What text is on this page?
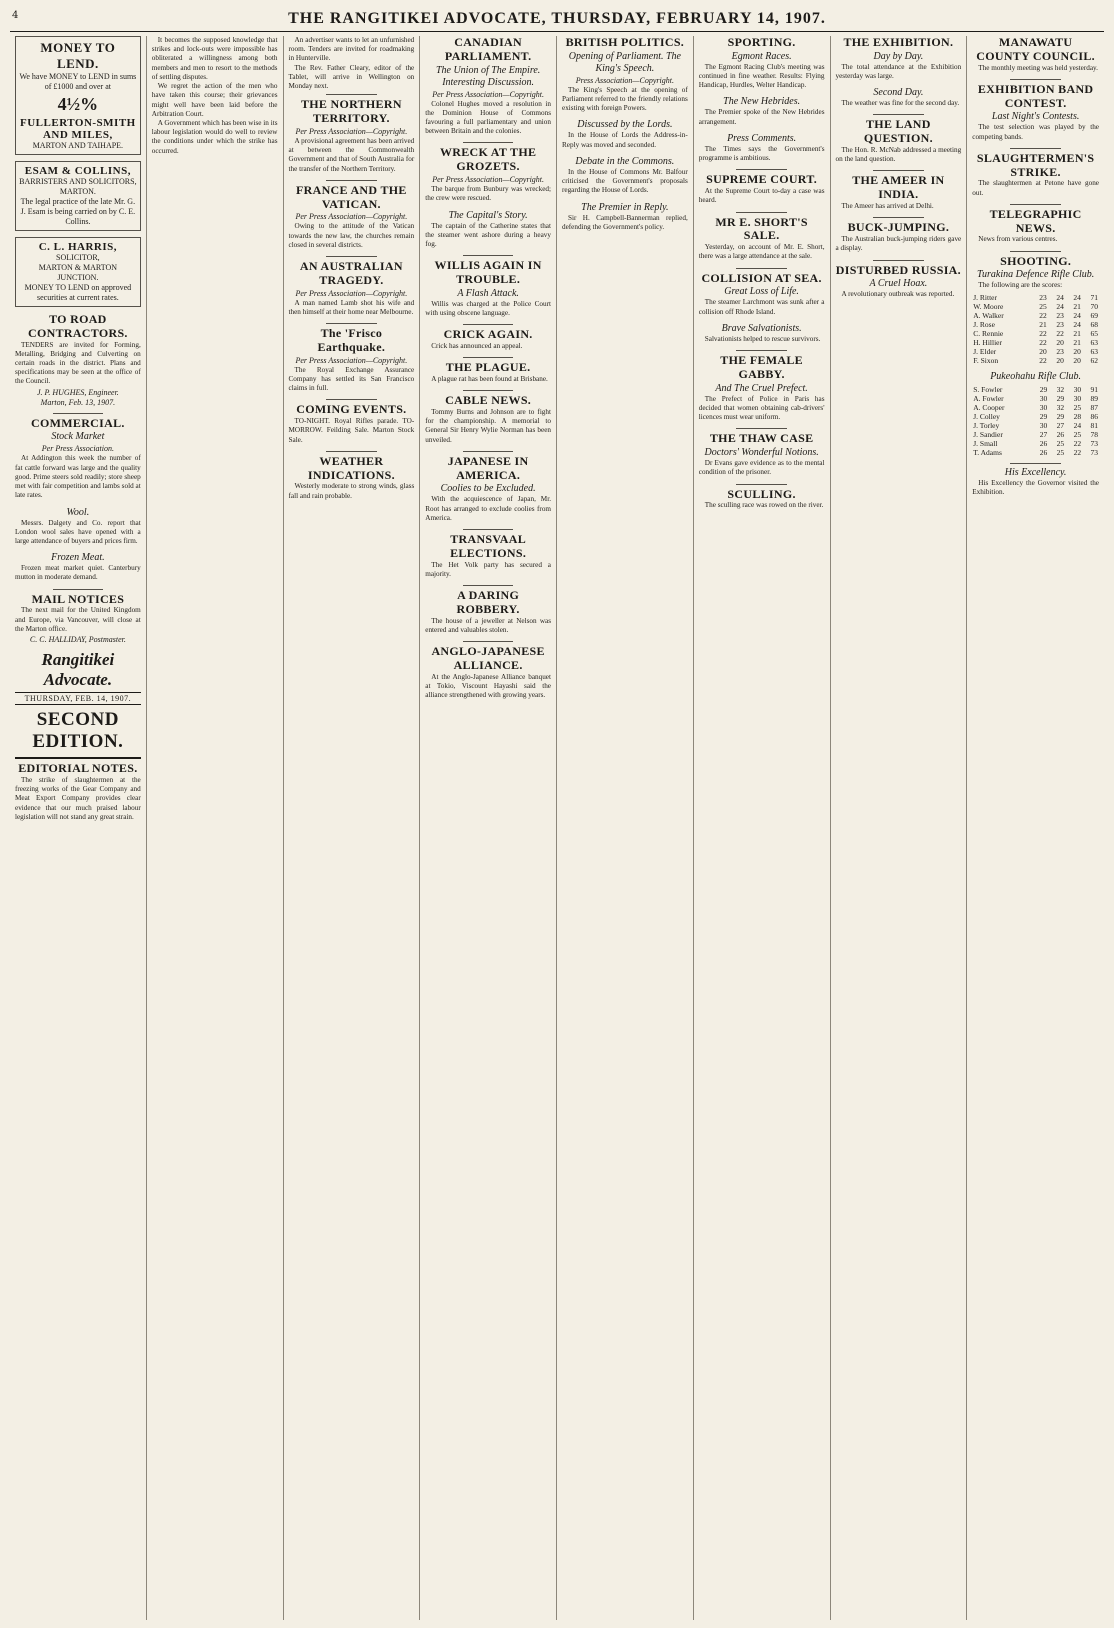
4	THE RANGITIKEI ADVOCATE, THURSDAY, FEBRUARY 14, 1907.
MONEY TO LEND.
We have MONEY to LEND in sums of £1000 and over at
4½%
FULLERTON-SMITH AND MILES,
MARTON AND TAIHAPE.
ESAM & COLLINS,
BARRISTERS AND SOLICITORS, MARTON.
The legal practice of the late Mr. G. J. Esam is being carried on by C. E. Collins.
C. L. HARRIS,
SOLICITOR,
MARTON & MARTON JUNCTION.
MONEY TO LEND on approved securities at current rates.
TO ROAD CONTRACTORS.

TENDERS are invited for Forming, Metalling, Bridging and Culverting on certain roads in the district. Plans and specifications may be seen at the office of the Council.

J. P. HUGHES, Engineer.
Marton, Feb. 13, 1907.
COMMERCIAL.
Stock Market
Per Press Association.

At Addington this week the number of fat cattle forward was large and the quality good. Prime steers sold readily; store sheep met with fair competition and lambs sold at late rates.

Wool.

Messrs. Dalgety and Co. report that London wool sales have opened with a large attendance of buyers and prices firm.

Frozen Meat.

Frozen meat market quiet. Canterbury mutton in moderate demand.

MAIL NOTICES

The next mail for the United Kingdom and Europe, via Vancouver, will close at the Marton office.

C. C. HALLIDAY, Postmaster.
Rangitikei Advocate.
THURSDAY, FEB. 14, 1907.
SECOND EDITION.
EDITORIAL NOTES.

The strike of slaughtermen at the freezing works of the Gear Company and Meat Export Company provides clear evidence that our much praised labour legislation will not stand any great strain.

It becomes the supposed knowledge that strikes and lock-outs were impossible has obliterated a willingness among both members and men to resort to the methods of settling disputes.

We regret the action of the men who have taken this course; their grievances might well have been laid before the Arbitration Court.

A Government which has been wise in its labour legislation would do well to review the conditions under which the strike has occurred.

An advertiser wants to let an unfurnished room. Tenders are invited for roadmaking in Hunterville.

The Rev. Father Cleary, editor of the Tablet, will arrive in Wellington on Monday next.

THE NORTHERN TERRITORY.
Per Press Association—Copyright.

A provisional agreement has been arrived at between the Commonwealth Government and that of South Australia for the transfer of the Northern Territory.

FRANCE AND THE VATICAN.
Per Press Association—Copyright.

Owing to the attitude of the Vatican towards the new law, the churches remain closed in several districts.

AN AUSTRALIAN TRAGEDY.
Per Press Association—Copyright.

A man named Lamb shot his wife and then himself at their home near Melbourne.

The 'Frisco Earthquake.
Per Press Association—Copyright.

The Royal Exchange Assurance Company has settled its San Francisco claims in full.

COMING EVENTS.

TO-NIGHT. Royal Rifles parade. TO-MORROW. Feilding Sale. Marton Stock Sale.

WEATHER INDICATIONS.

Westerly moderate to strong winds, glass fall and rain probable.

CANADIAN PARLIAMENT.
The Union of The Empire. Interesting Discussion.
Per Press Association—Copyright.

Colonel Hughes moved a resolution in the Dominion House of Commons favouring a full parliamentary and union between Britain and the colonies.

WRECK AT THE GROZETS.
Per Press Association—Copyright.

The barque from Bunbury was wrecked; the crew were rescued.

The Capital's Story.

The captain of the Catherine states that the steamer went ashore during a heavy fog.

WILLIS AGAIN IN TROUBLE.
A Flash Attack.

Willis was charged at the Police Court with using obscene language.

CRICK AGAIN.

Crick has announced an appeal.

THE PLAGUE.

A plague rat has been found at Brisbane.

CABLE NEWS.

Tommy Burns and Johnson are to fight for the championship. A memorial to General Sir Henry Wylie Norman has been unveiled.

JAPANESE IN AMERICA.
Coolies to be Excluded.

With the acquiescence of Japan, Mr. Root has arranged to exclude coolies from America.

TRANSVAAL ELECTIONS.

The Het Volk party has secured a majority.

A DARING ROBBERY.

The house of a jeweller at Nelson was entered and valuables stolen.

ANGLO-JAPANESE ALLIANCE.

At the Anglo-Japanese Alliance banquet at Tokio, Viscount Hayashi said the alliance strengthened with growing years.

BRITISH POLITICS.
Opening of Parliament. The King's Speech.
Press Association—Copyright.

The King's Speech at the opening of Parliament referred to the friendly relations existing with foreign Powers.

Discussed by the Lords.

In the House of Lords the Address-in-Reply was moved and seconded.

Debate in the Commons.

In the House of Commons Mr. Balfour criticised the Government's proposals regarding the House of Lords.

The Premier in Reply.

Sir H. Campbell-Bannerman replied, defending the Government's policy.

SPORTING.
Egmont Races.

The Egmont Racing Club's meeting was continued in fine weather. Results: Flying Handicap, Hurdles, Welter Handicap.

The New Hebrides.

The Premier spoke of the New Hebrides arrangement.

Press Comments.

The Times says the Government's programme is ambitious.

SUPREME COURT.

At the Supreme Court to-day a case was heard.

MR E. SHORT'S SALE.

Yesterday, on account of Mr. E. Short, there was a large attendance at the sale.

COLLISION AT SEA.
Great Loss of Life.

The steamer Larchmont was sunk after a collision off Rhode Island.

Brave Salvationists.

Salvationists helped to rescue survivors.

THE FEMALE GABBY.
And The Cruel Prefect.

The Prefect of Police in Paris has decided that women obtaining cab-drivers' licences must wear uniform.

THE THAW CASE
Doctors' Wonderful Notions.

Dr Evans gave evidence as to the mental condition of the prisoner.

SCULLING.

The sculling race was rowed on the river.

THE EXHIBITION.
Day by Day.

The total attendance at the Exhibition yesterday was large.

Second Day.

The weather was fine for the second day.

THE LAND QUESTION.

The Hon. R. McNab addressed a meeting on the land question.

THE AMEER IN INDIA.

The Ameer has arrived at Delhi.

BUCK-JUMPING.

The Australian buck-jumping riders gave a display.

DISTURBED RUSSIA.
A Cruel Hoax.

A revolutionary outbreak was reported.

MANAWATU COUNTY COUNCIL.

The monthly meeting was held yesterday.

EXHIBITION BAND CONTEST.
Last Night's Contests.

The test selection was played by the competing bands.

SLAUGHTERMEN'S STRIKE.

The slaughtermen at Petone have gone out.

TELEGRAPHIC NEWS.

News from various centres.

SHOOTING.
Turakina Defence Rifle Club.

The following are the scores:

J. Ritter	23	24	24	71
W. Moore	25	24	21	70
A. Walker	22	23	24	69
J. Rose	21	23	24	68
C. Rennie	22	22	21	65
H. Hillier	22	20	21	63
J. Elder	20	23	20	63
F. Sixon	22	20	20	62
Pukeohahu Rifle Club.
S. Fowler	29	32	30	91
A. Fowler	30	29	30	89
A. Cooper	30	32	25	87
J. Colley	29	29	28	86
J. Torley	30	27	24	81
J. Sandier	27	26	25	78
J. Small	26	25	22	73
T. Adams	26	25	22	73
His Excellency.

His Excellency the Governor visited the Exhibition.
